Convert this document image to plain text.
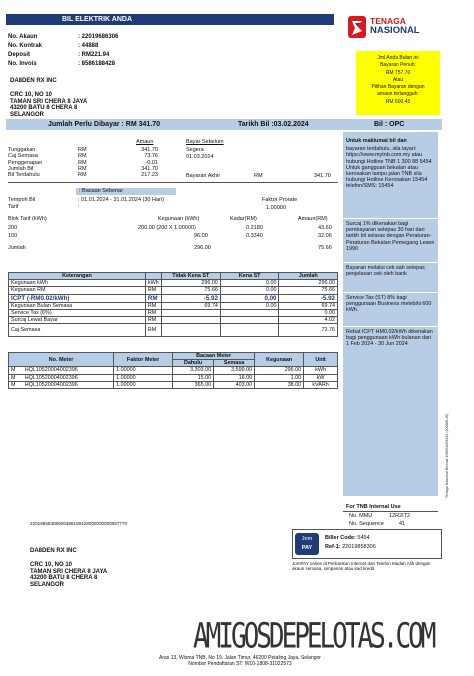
BIL ELEKTRIK ANDA	TENAGA
NASIONAL
No. Akaun	: 22019686306
No. Kontrak	: 44888
Deposit	: RM221.94
No. Invois	: 8586188428
DA8DEN RX INC
CRC 10, NO 10
TAMAN SRI CHERA 8 JAYA
43200 BATU 8 CHERA 8
SELANGOR
Jml Anda Bulan ini
Bayaran Penuh:
RM 757.70
Atau
Pilihan Bayaran dengan
amaun terlangguh:
RM 600.45
Jumlah Perlu Dibayar : RM 341.70	Tarikh Bil :03.02.2024	Bil : OPC
Amaun	Bayar Sebelum
Tunggakan	RM	341.70
Caj Semasa	RM	73.76
Penggenapan	RM	-0.01
Jumlah Bil	RM	341.70
Bil Terdahulu	RM	217.23
Segera
01.03.2024
Bayaran Akhir	RM	341.70
: Bacaan Sebenar
Tempoh Bil	: 01.01.2024 - 31.01.2024 (30 Hari)
Tarif	:
Faktor Prorate
1.00000
Blok Tarif (kWh)	Kegunaan (kWh)	Kadar(RM)	Amaun(RM)
200	200.00 (200 X 1.00000)	0.2180	43.60
100	96.00	0.3340	32.06
Jumlah	296.00	75.66
Keterangan		Tidak Kena ST	Kena ST	Jumlah
Kegunaan kWh	kWh	296.00	0.00	296.00
Kegunaan RM	RM	75.66	0.00	75.66
ICPT (-RM0.02/kWh)	RM	-5.92	0.00	-5.92
Kegunaan Bulan Semasa	RM	69.74	0.00	69.74
Service Tax (6%)	RM			0.00
Surcaj Lewat Bayar	RM			4.02
Caj Semasa	RM			73.76
No. Meter		Faktor Meter	Bacaan Meter		Kegunaan	Unit
			Dahulu	Semasa		
M	HQL10520004002396	1.00000	3,303.00	3,599.00	296.00	kWh
M	HQL10520004002396	1.00000	15.00	16.00	1.00	kW
M	HQL10520004002396	1.00000	365.00	403.00	38.00	kVARh

Untuk maklumat bil dan

bayaran terdahulu, sila layari: https://www.mytnb.com.my atau hubungi Hotline TNB 1 300 88 5454 Untuk gangguan bekalan atau kerosakan lampu jalan TNB sila hubungi Hotline Kerosakan 15454 telefon/SMS: 15454

Surcaj 1% dikenakan bagi pembayaran selepas 30 hari dari tarikh bil selaras dengan Peraturan-Peraturan Bekalan Pemegang Lesen 1990

Bayaran melalui cek sah selepas penjelasan cek oleh bank

Service Tax (ST) 8% bagi penggunaan Business melebihi 600 kWh.

Rebat ICPT HM0.02/kWh dikenakan bagi penggunaan kWh bulanan dari 1 Feb 2024 - 30 Jun 2024

Tenaga Nasional Berhad 199001009294 (200866-W)
22019858308006388158428000000000087770
For TNB Internal Use
No. MMU	12R2IT2
No. Sequence	41
DA8DEN RX INC
CRC 10, NO 10
TAMAN SRI CHERA 8 JAYA
43200 BATU 8 CHERA 8
SELANGOR
Jom
PAY
Biller Code: 5454
Ref-1: 22019858306
JomPAY online di Perbankan Internet dan Telefon Mudah Alih dengan akaun semasa, simpanan atau kad kredit
AMIGOSDEPELOTAS.COM
Aras 13, Wisma TNB, No 19, Jalan Timur, 46200 Petaling Jaya, Selangor
Nombor Pendaftaran ST: W10-1808-31022573
